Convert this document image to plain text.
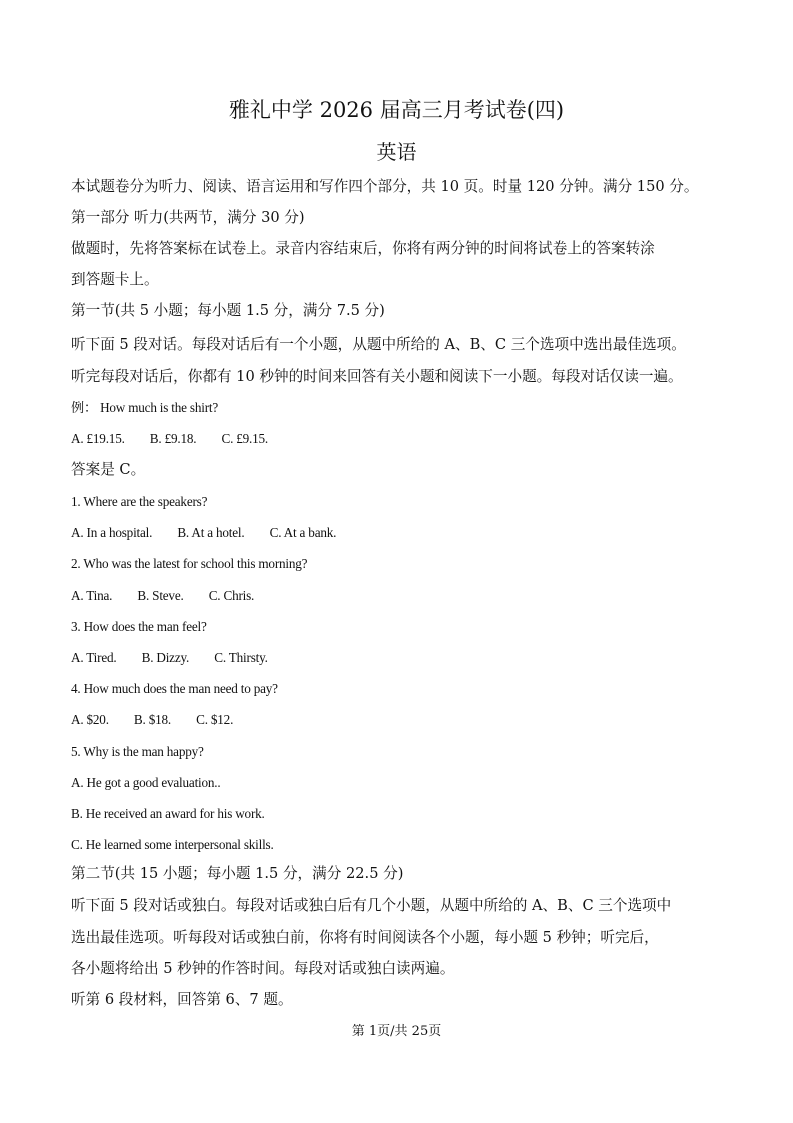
雅礼中学 2026 届高三月考试卷(四)
英语
本试题卷分为听力、阅读、语言运用和写作四个部分，共 10 页。时量 120 分钟。满分 150 分。
第一部分 听力(共两节，满分 30 分)
做题时，先将答案标在试卷上。录音内容结束后，你将有两分钟的时间将试卷上的答案转涂
到答题卡上。
第一节(共 5 小题；每小题 1.5 分，满分 7.5 分)
听下面 5 段对话。每段对话后有一个小题，从题中所给的 A、B、C 三个选项中选出最佳选项。
听完每段对话后，你都有 10 秒钟的时间来回答有关小题和阅读下一小题。每段对话仅读一遍。
例： How much is the shirt?
A. £19.15. B. £9.18. C. £9.15.
答案是 C。
1. Where are the speakers?
A. In a hospital. B. At a hotel. C. At a bank.
2. Who was the latest for school this morning?
A. Tina. B. Steve. C. Chris.
3. How does the man feel?
A. Tired. B. Dizzy. C. Thirsty.
4. How much does the man need to pay?
A. $20. B. $18. C. $12.
5. Why is the man happy?
A. He got a good evaluation..
B. He received an award for his work.
C. He learned some interpersonal skills.
第二节(共 15 小题；每小题 1.5 分，满分 22.5 分)
听下面 5 段对话或独白。每段对话或独白后有几个小题，从题中所给的 A、B、C 三个选项中
选出最佳选项。听每段对话或独白前，你将有时间阅读各个小题，每小题 5 秒钟；听完后，
各小题将给出 5 秒钟的作答时间。每段对话或独白读两遍。
听第 6 段材料，回答第 6、7 题。
第 1页/共 25页
